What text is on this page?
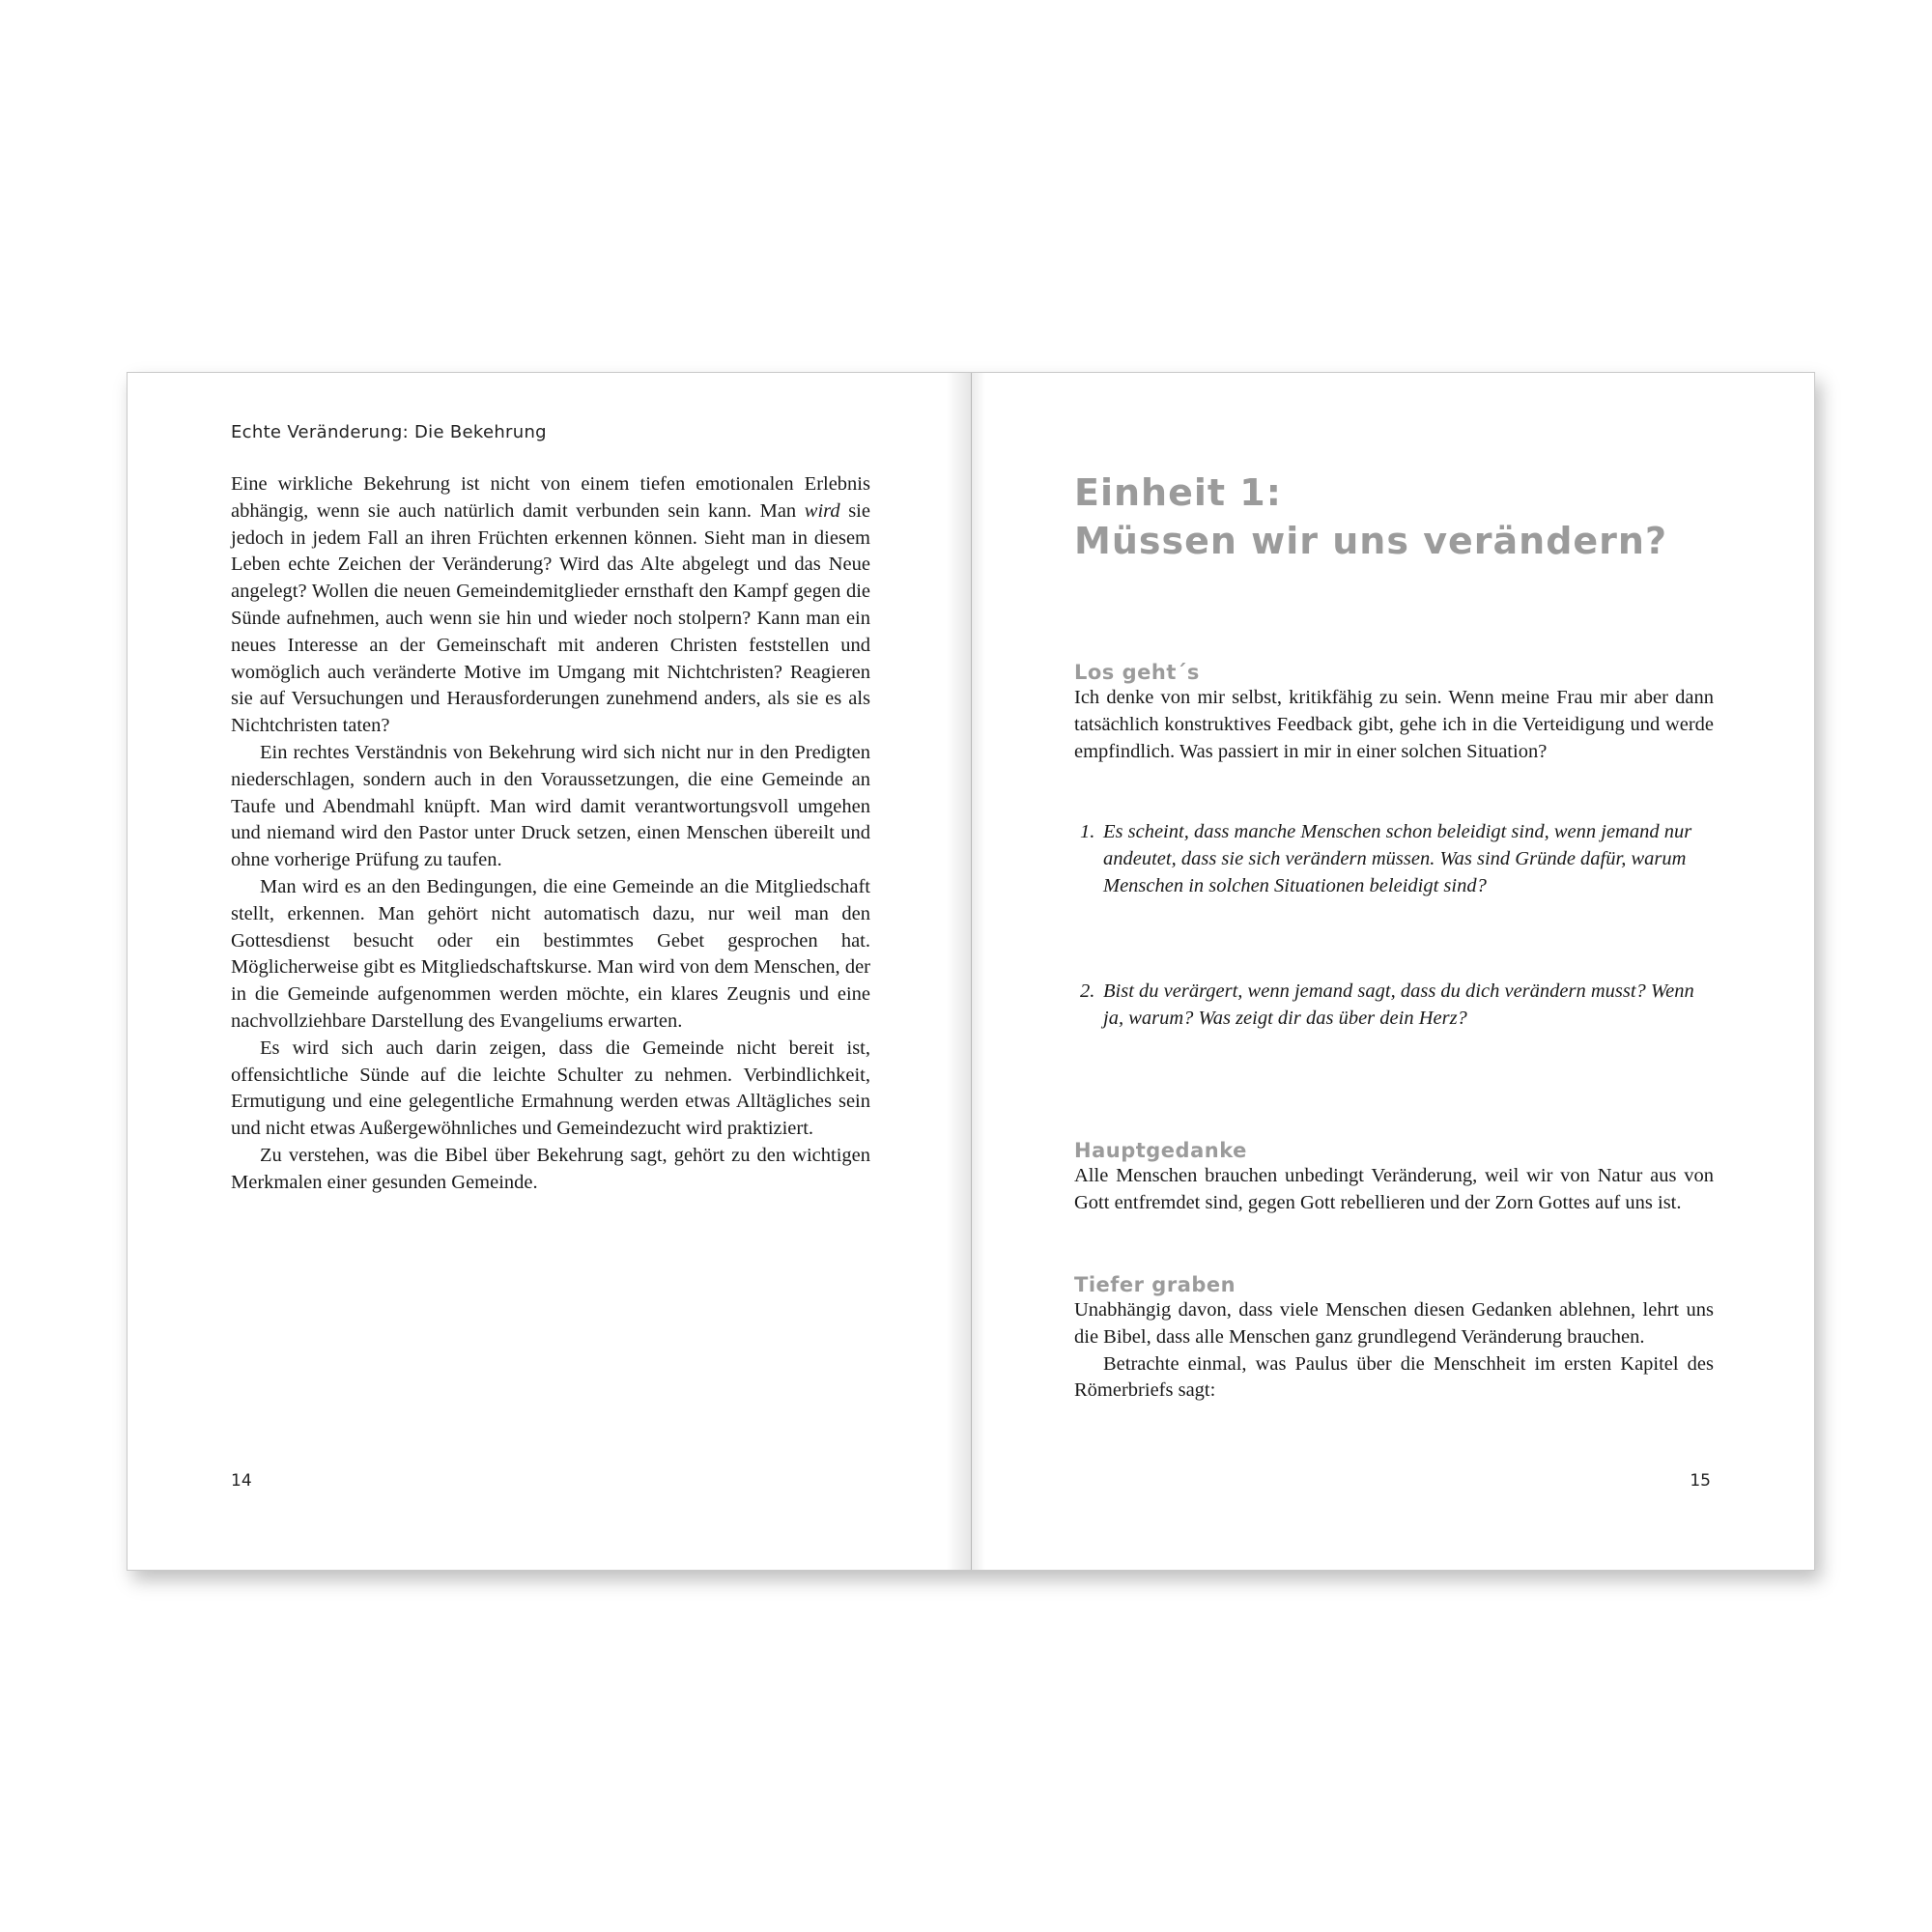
Echte Veränderung: Die Bekehrung

Eine wirkliche Bekehrung ist nicht von einem tiefen emotionalen Erlebnis abhängig, wenn sie auch natürlich damit verbunden sein kann. Man wird sie jedoch in jedem Fall an ihren Früchten erkennen können. Sieht man in diesem Leben echte Zeichen der Veränderung? Wird das Alte abgelegt und das Neue angelegt? Wollen die neuen Gemeindemitglieder ernsthaft den Kampf gegen die Sünde aufnehmen, auch wenn sie hin und wieder noch stolpern? Kann man ein neues Interesse an der Gemeinschaft mit anderen Christen feststellen und womöglich auch veränderte Motive im Umgang mit Nichtchristen? Reagieren sie auf Versuchungen und Herausforderungen zunehmend anders, als sie es als Nichtchristen taten?

Ein rechtes Verständnis von Bekehrung wird sich nicht nur in den Predigten niederschlagen, sondern auch in den Voraussetzungen, die eine Gemeinde an Taufe und Abendmahl knüpft. Man wird damit verantwortungsvoll umgehen und niemand wird den Pastor unter Druck setzen, einen Menschen übereilt und ohne vorherige Prüfung zu taufen.

Man wird es an den Bedingungen, die eine Gemeinde an die Mitgliedschaft stellt, erkennen. Man gehört nicht automatisch dazu, nur weil man den Gottesdienst besucht oder ein bestimmtes Gebet gesprochen hat. Möglicherweise gibt es Mitgliedschaftskurse. Man wird von dem Menschen, der in die Gemeinde aufgenommen werden möchte, ein klares Zeugnis und eine nachvollziehbare Darstellung des Evangeliums erwarten.

Es wird sich auch darin zeigen, dass die Gemeinde nicht bereit ist, offensichtliche Sünde auf die leichte Schulter zu nehmen. Verbindlichkeit, Ermutigung und eine gelegentliche Ermahnung werden etwas Alltägliches sein und nicht etwas Außergewöhnliches und Gemeindezucht wird praktiziert.

Zu verstehen, was die Bibel über Bekehrung sagt, gehört zu den wichtigen Merkmalen einer gesunden Gemeinde.

14
Einheit 1:
Müssen wir uns verändern?
Los geht´s

Ich denke von mir selbst, kritikfähig zu sein. Wenn meine Frau mir aber dann tatsächlich konstruktives Feedback gibt, gehe ich in die Verteidigung und werde empfindlich. Was passiert in mir in einer solchen Situation?

1. Es scheint, dass manche Menschen schon beleidigt sind, wenn jemand nur andeutet, dass sie sich verändern müssen. Was sind Gründe dafür, warum Menschen in solchen Situationen beleidigt sind?
2. Bist du verärgert, wenn jemand sagt, dass du dich verändern musst? Wenn ja, warum? Was zeigt dir das über dein Herz?
Hauptgedanke

Alle Menschen brauchen unbedingt Veränderung, weil wir von Natur aus von Gott entfremdet sind, gegen Gott rebellieren und der Zorn Gottes auf uns ist.

Tiefer graben

Unabhängig davon, dass viele Menschen diesen Gedanken ablehnen, lehrt uns die Bibel, dass alle Menschen ganz grundlegend Veränderung brauchen.

Betrachte einmal, was Paulus über die Menschheit im ersten Kapitel des Römerbriefs sagt:

15
